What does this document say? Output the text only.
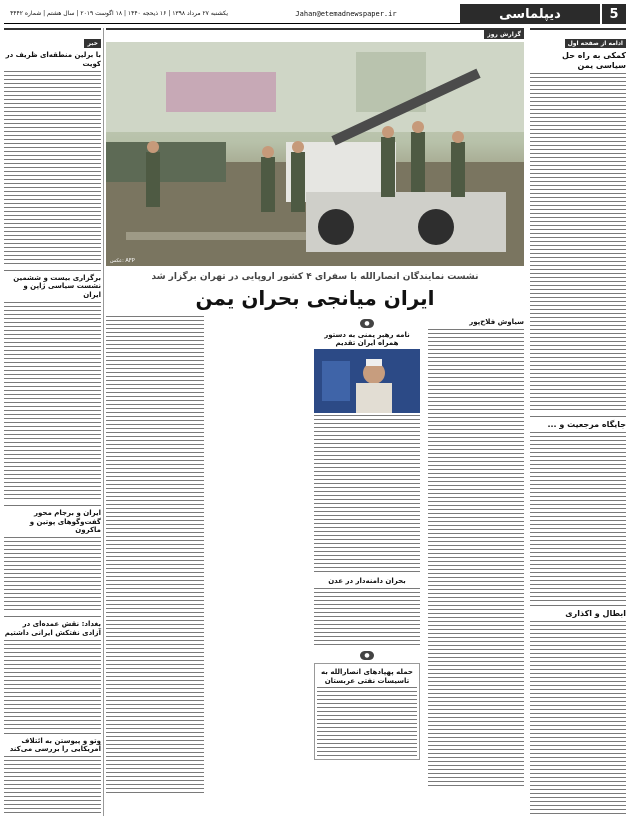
5
دیپلماسی
Jahan@etemadnewspaper.ir
یکشنبه ۲۷ مرداد ۱۳۹۸ | ۱۶ ذیحجه ۱۴۴۰ | ۱۸ اگوست ۲۰۱۹ | سال هشتم | شماره ۴۴۴۲
ادامه از صفحه اول
کمکی به راه حل سیاسی یمن
جایگاه مرجعیت و ...
ابطال و اکذاری
خبر
با برلین منطقه‌ای ظریف در کویت
برگزاری بیست و ششمین نشست سیاسی ژاپن و ایران
ایران و برجام محور گفت‌وگوهای پوتین و ماکرون
بغداد: نقش عمده‌ای در آزادی نفتکش ایرانی داشتیم
وتو و پیوستن به ائتلاف آمریکایی را بررسی می‌کند
گزارش روز
عکس: AFP
نشست نمایندگان انصارالله با سفرای ۴ کشور اروپایی در تهران برگزار شد
ایران میانجی بحران یمن
سیاوش فلاح‌پور
●
نامه رهبر یمنی به دستور همراه ایران تقدیم
بحران دامنه‌دار در عدن
●
حمله پهپادهای انصارالله به تاسیسات نفتی عربستان
